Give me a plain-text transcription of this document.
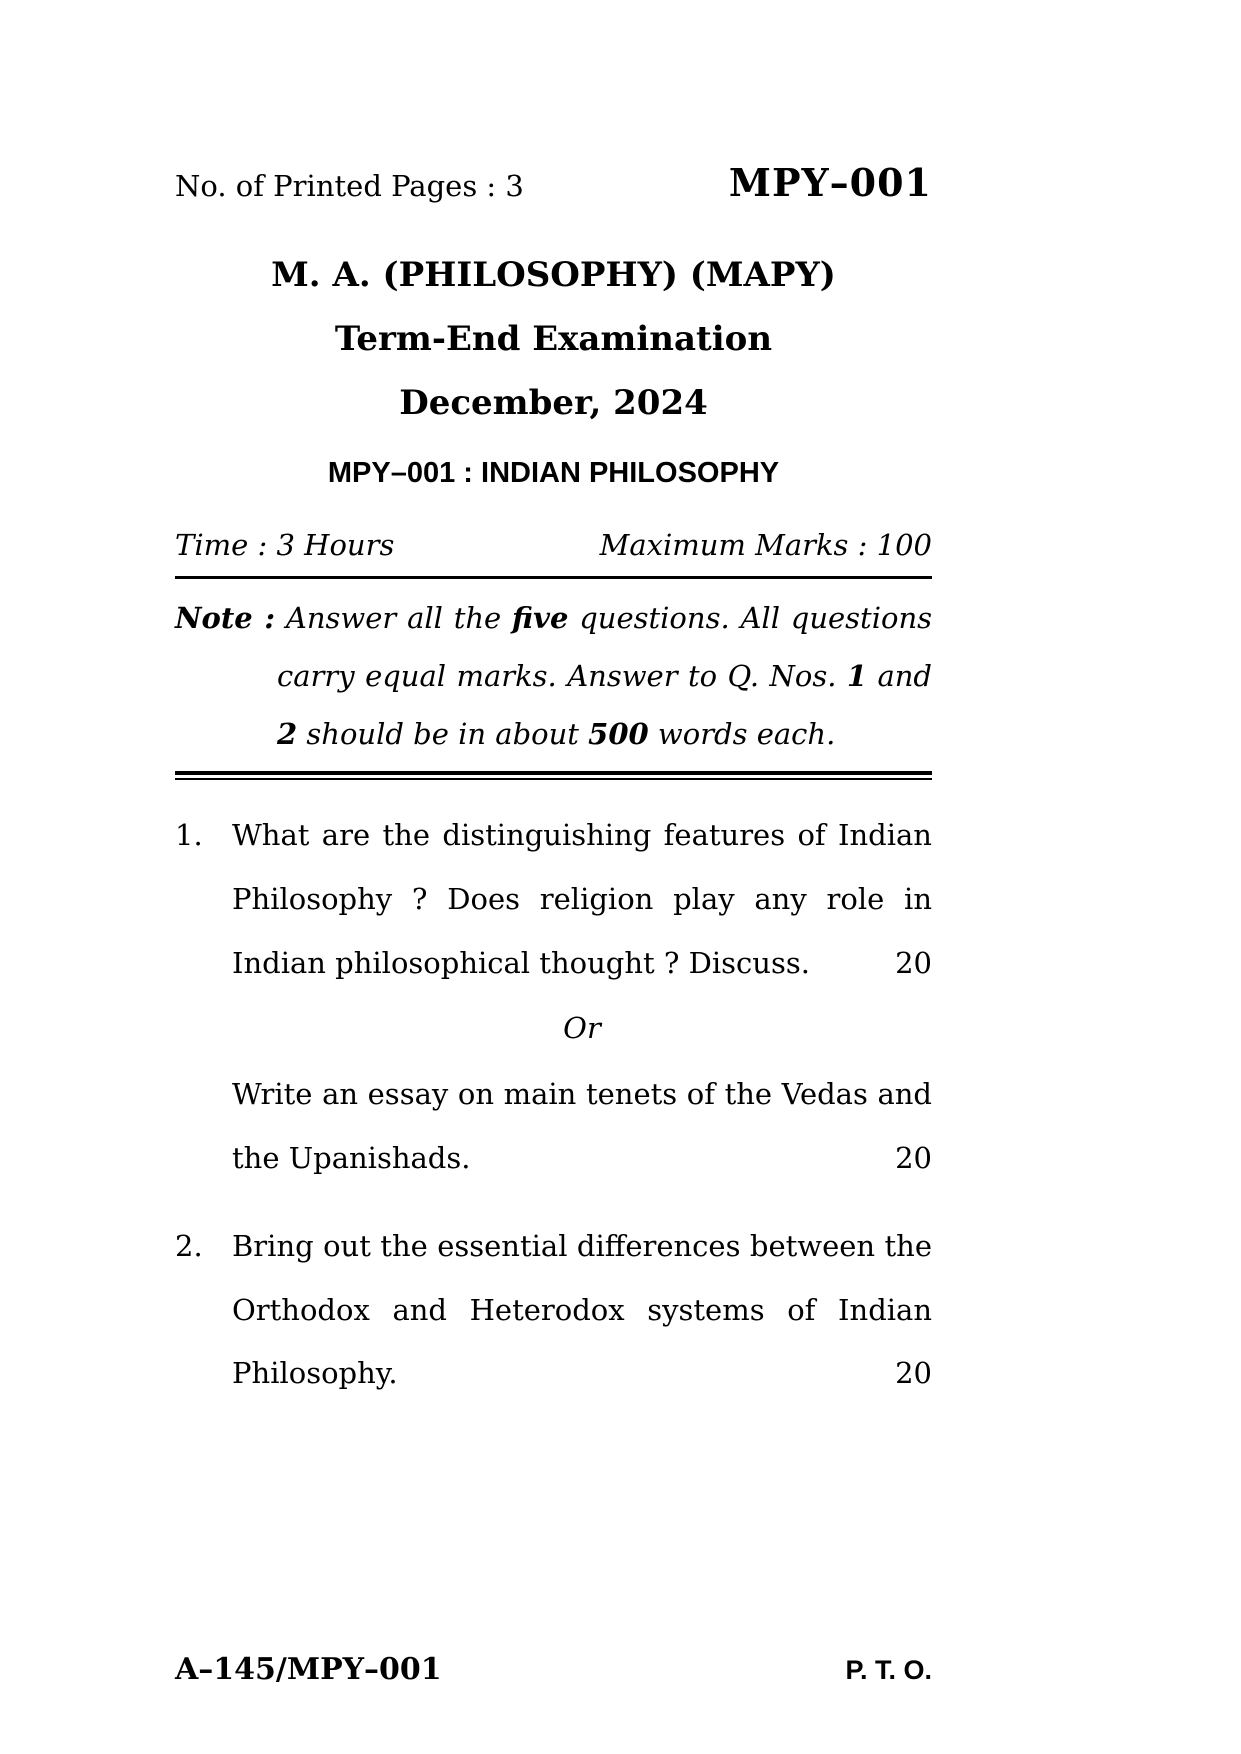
No. of Printed Pages : 3	MPY–001
M. A. (PHILOSOPHY) (MAPY)
Term-End Examination
December, 2024
MPY–001 : INDIAN PHILOSOPHY
Time : 3 Hours	Maximum Marks : 100

Note : Answer all the five questions. All questions carry equal marks. Answer to Q. Nos. 1 and 2 should be in about 500 words each.

1.	What are the distinguishing features of Indian Philosophy ? Does religion play any role in Indian philosophical thought ? Discuss.	20
Or
Write an essay on main tenets of the Vedas and the Upanishads.	20
2.	Bring out the essential differences between the Orthodox and Heterodox systems of Indian Philosophy.	20
A–145/MPY–001	P. T. O.
